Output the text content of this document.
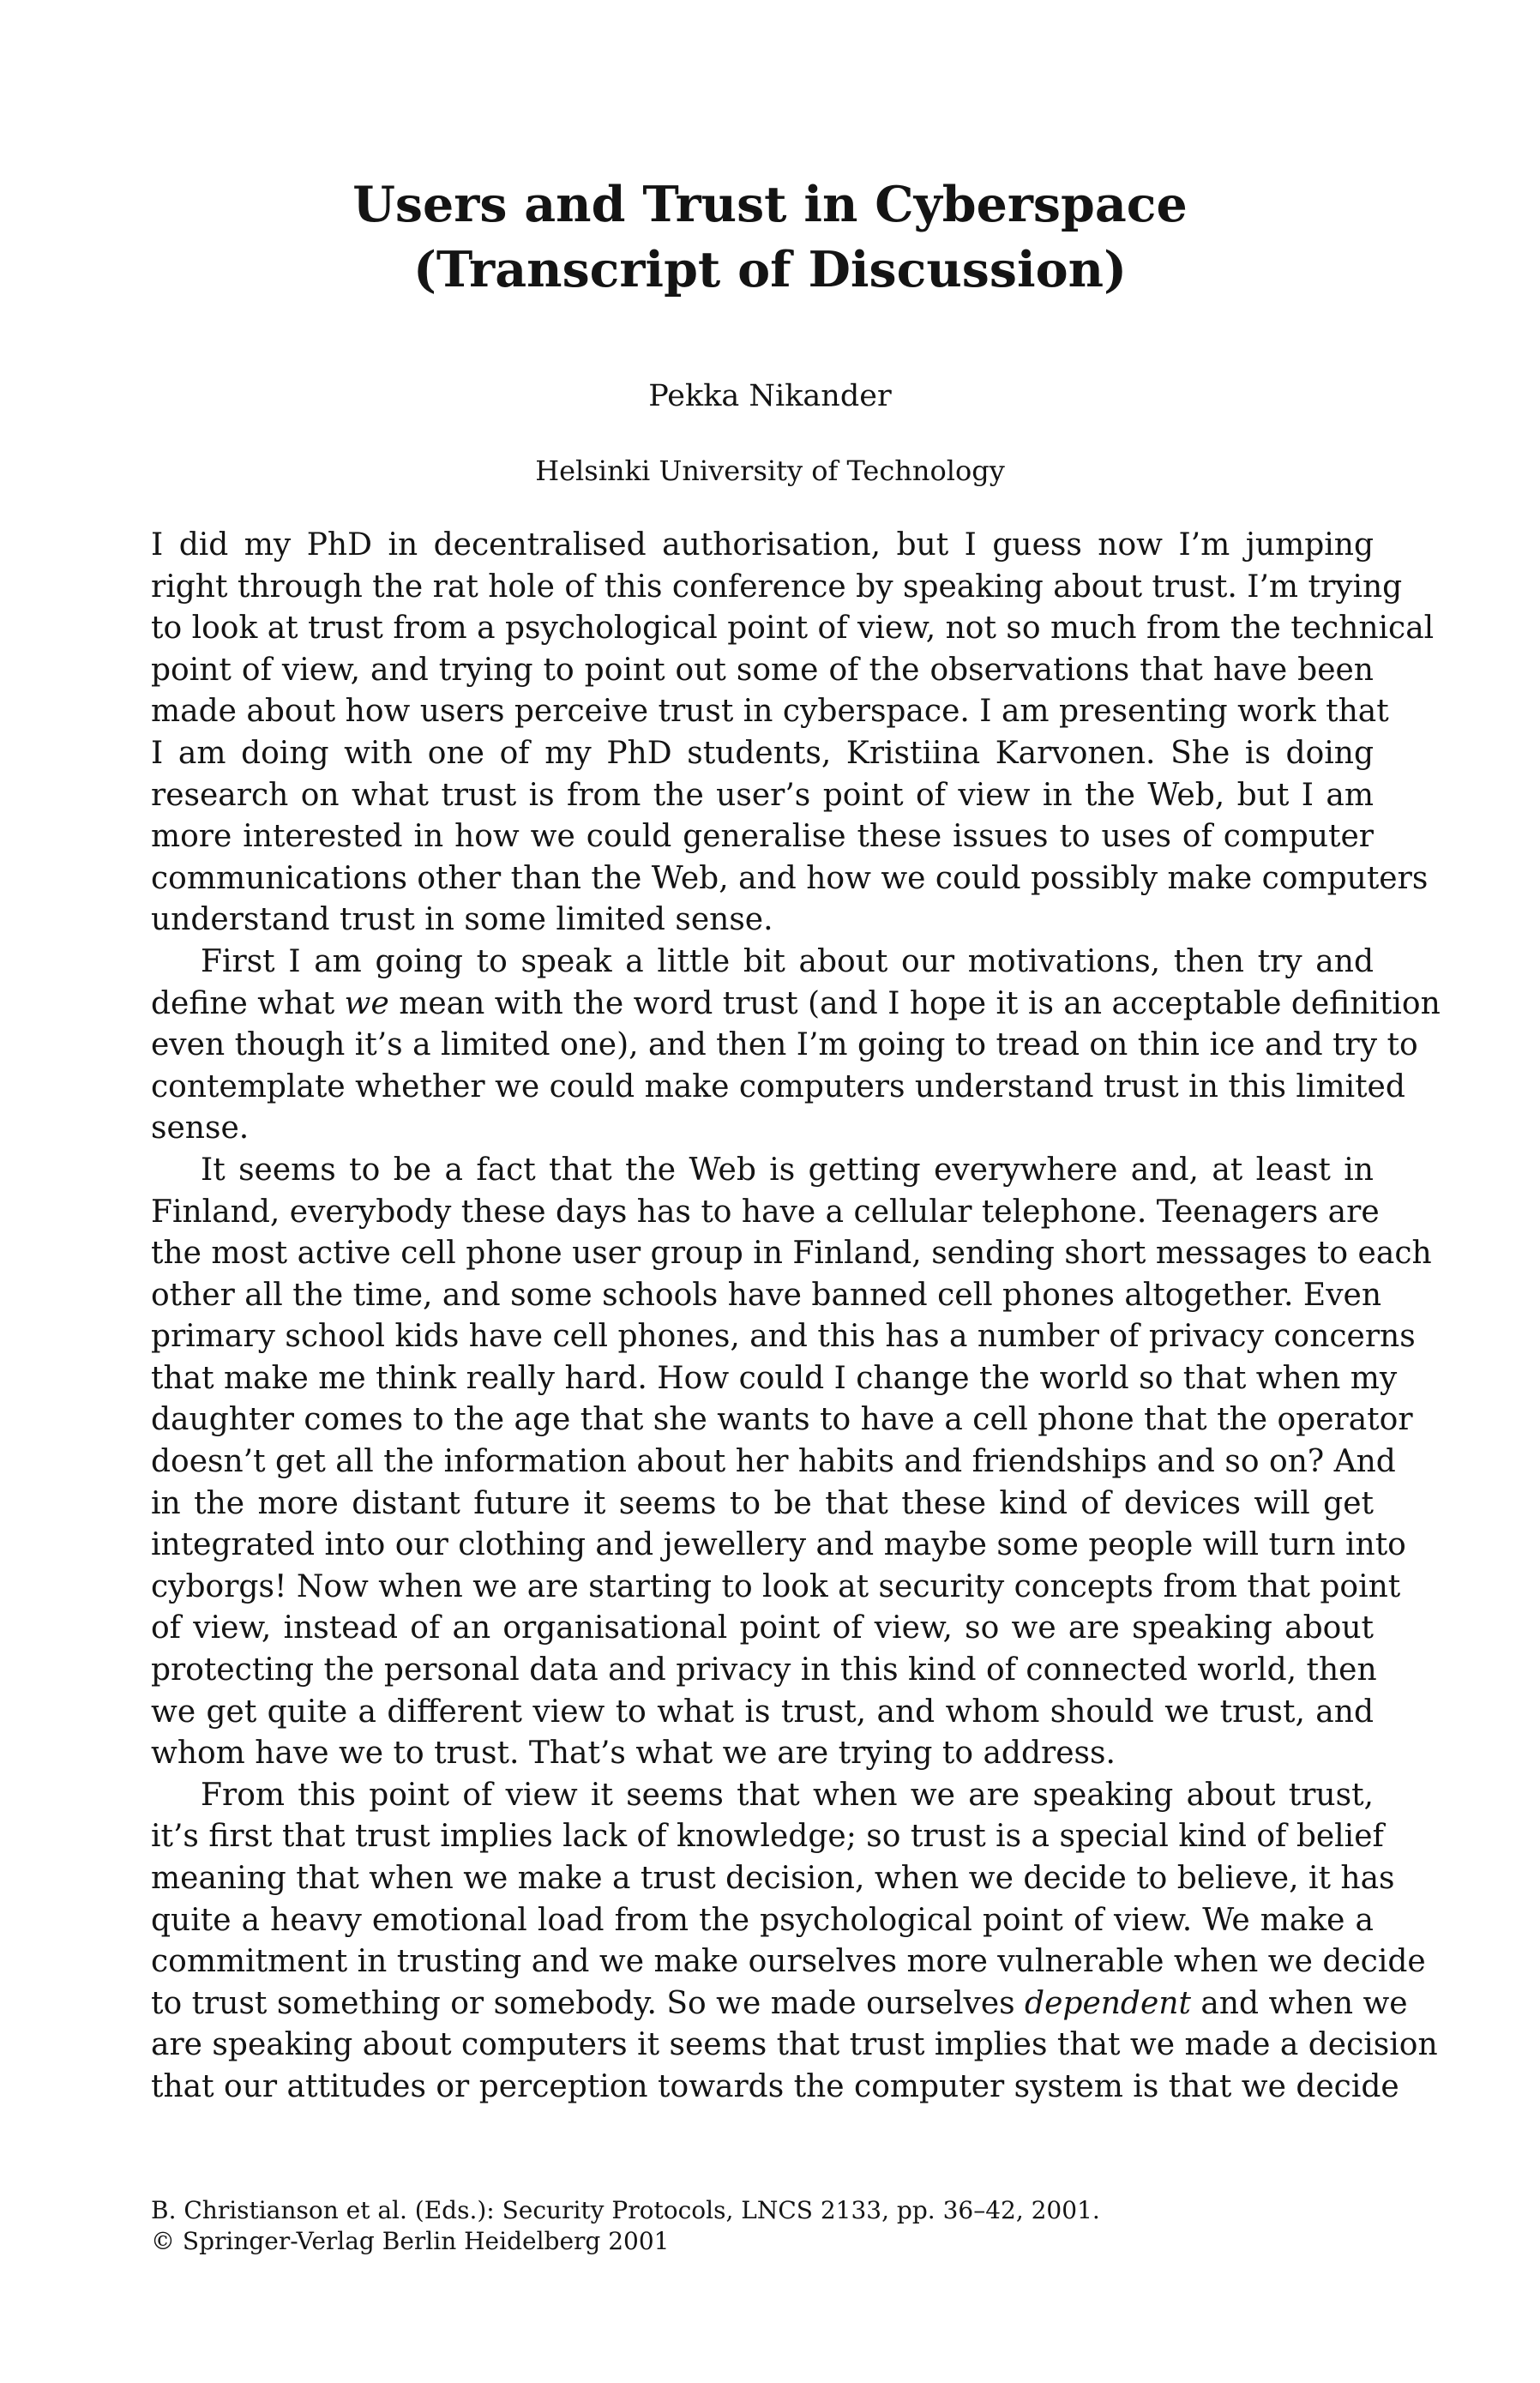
Users and Trust in Cyberspace
(Transcript of Discussion)
Pekka Nikander
Helsinki University of Technology
I did my PhD in decentralised authorisation, but I guess now I’m jumping
right through the rat hole of this conference by speaking about trust. I’m trying
to look at trust from a psychological point of view, not so much from the technical
point of view, and trying to point out some of the observations that have been
made about how users perceive trust in cyberspace. I am presenting work that
I am doing with one of my PhD students, Kristiina Karvonen. She is doing
research on what trust is from the user’s point of view in the Web, but I am
more interested in how we could generalise these issues to uses of computer
communications other than the Web, and how we could possibly make computers
understand trust in some limited sense.
First I am going to speak a little bit about our motivations, then try and
define what we mean with the word trust (and I hope it is an acceptable definition
even though it’s a limited one), and then I’m going to tread on thin ice and try to
contemplate whether we could make computers understand trust in this limited
sense.
It seems to be a fact that the Web is getting everywhere and, at least in
Finland, everybody these days has to have a cellular telephone. Teenagers are
the most active cell phone user group in Finland, sending short messages to each
other all the time, and some schools have banned cell phones altogether. Even
primary school kids have cell phones, and this has a number of privacy concerns
that make me think really hard. How could I change the world so that when my
daughter comes to the age that she wants to have a cell phone that the operator
doesn’t get all the information about her habits and friendships and so on? And
in the more distant future it seems to be that these kind of devices will get
integrated into our clothing and jewellery and maybe some people will turn into
cyborgs! Now when we are starting to look at security concepts from that point
of view, instead of an organisational point of view, so we are speaking about
protecting the personal data and privacy in this kind of connected world, then
we get quite a different view to what is trust, and whom should we trust, and
whom have we to trust. That’s what we are trying to address.
From this point of view it seems that when we are speaking about trust,
it’s first that trust implies lack of knowledge; so trust is a special kind of belief
meaning that when we make a trust decision, when we decide to believe, it has
quite a heavy emotional load from the psychological point of view. We make a
commitment in trusting and we make ourselves more vulnerable when we decide
to trust something or somebody. So we made ourselves dependent and when we
are speaking about computers it seems that trust implies that we made a decision
that our attitudes or perception towards the computer system is that we decide
B. Christianson et al. (Eds.): Security Protocols, LNCS 2133, pp. 36–42, 2001.
© Springer-Verlag Berlin Heidelberg 2001
